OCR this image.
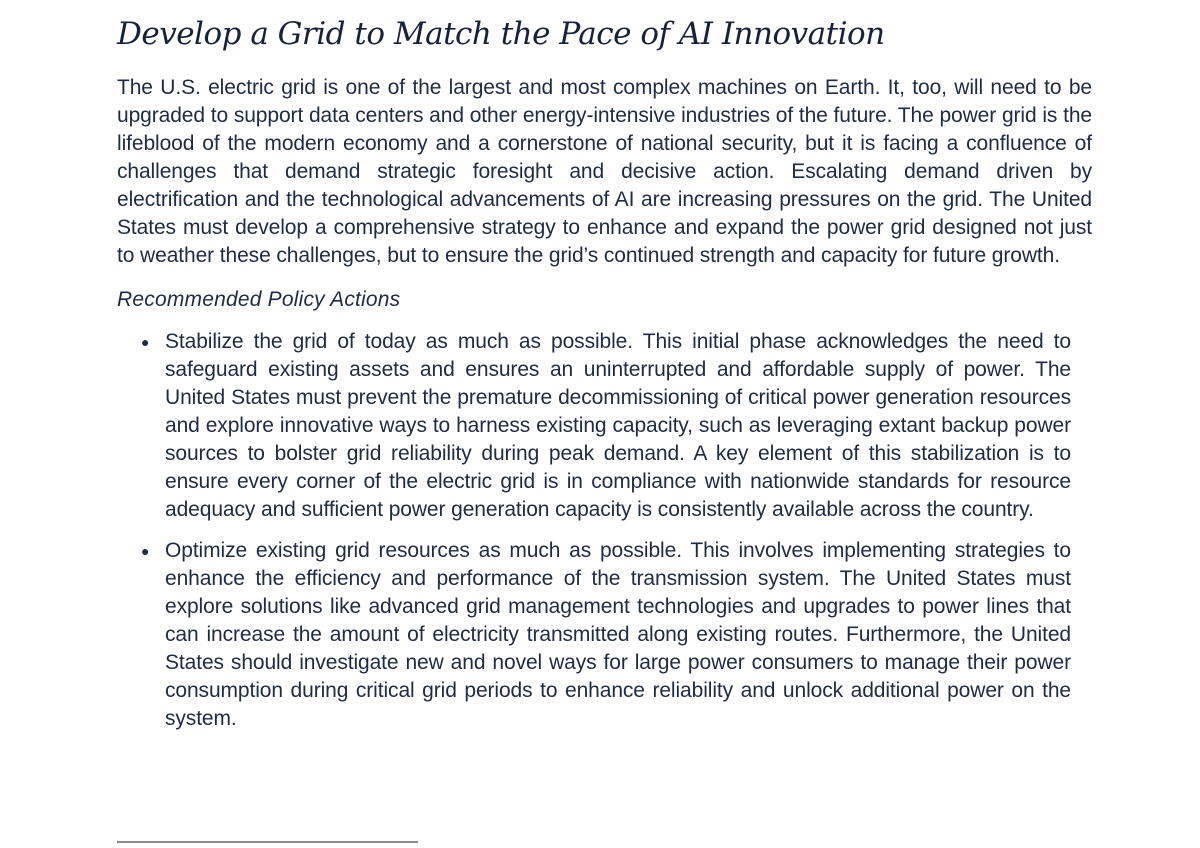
Develop a Grid to Match the Pace of AI Innovation

The U.S. electric grid is one of the largest and most complex machines on Earth. It, too, will need to be upgraded to support data centers and other energy-intensive industries of the future. The power grid is the lifeblood of the modern economy and a cornerstone of national security, but it is facing a confluence of challenges that demand strategic foresight and decisive action. Escalating demand driven by electrification and the technological advancements of AI are increasing pressures on the grid. The United States must develop a comprehensive strategy to enhance and expand the power grid designed not just to weather these challenges, but to ensure the grid’s continued strength and capacity for future growth.

Recommended Policy Actions
● Stabilize the grid of today as much as possible. This initial phase acknowledges the need to safeguard existing assets and ensures an uninterrupted and affordable supply of power. The United States must prevent the premature decommissioning of critical power generation resources and explore innovative ways to harness existing capacity, such as leveraging extant backup power sources to bolster grid reliability during peak demand. A key element of this stabilization is to ensure every corner of the electric grid is in compliance with nationwide standards for resource adequacy and sufficient power generation capacity is consistently available across the country.
● Optimize existing grid resources as much as possible. This involves implementing strategies to enhance the efficiency and performance of the transmission system. The United States must explore solutions like advanced grid management technologies and upgrades to power lines that can increase the amount of electricity transmitted along existing routes. Furthermore, the United States should investigate new and novel ways for large power consumers to manage their power consumption during critical grid periods to enhance reliability and unlock additional power on the system.
